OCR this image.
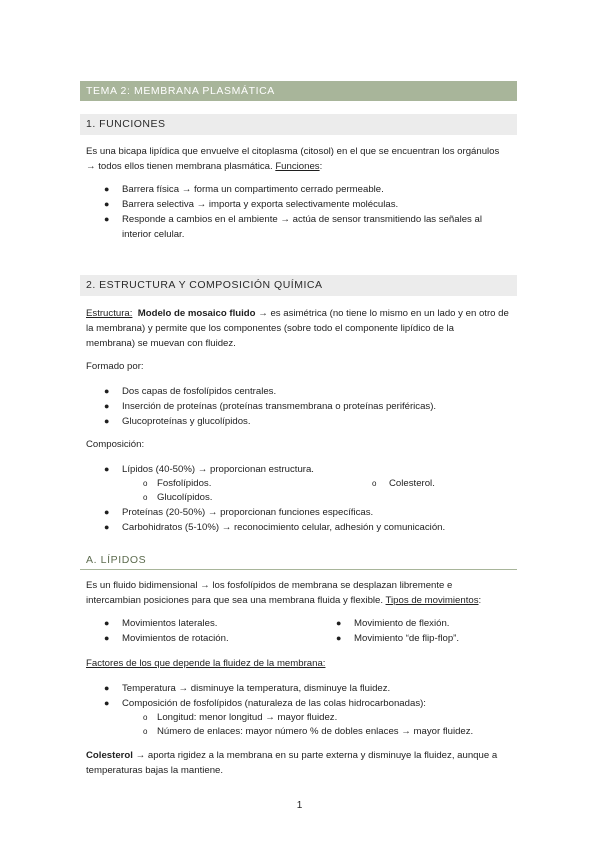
TEMA 2: MEMBRANA PLASMÁTICA
1. FUNCIONES
Es una bicapa lipídica que envuelve el citoplasma (citosol) en el que se encuentran los orgánulos
→ todos ellos tienen membrana plasmática. Funciones:
● Barrera física → forma un compartimento cerrado permeable.
● Barrera selectiva → importa y exporta selectivamente moléculas.
● Responde a cambios en el ambiente → actúa de sensor transmitiendo las señales al
interior celular.
2. ESTRUCTURA Y COMPOSICIÓN QUÍMICA
Estructura: Modelo de mosaico fluido → es asimétrica (no tiene lo mismo en un lado y en otro de
la membrana) y permite que los componentes (sobre todo el componente lipídico de la
membrana) se muevan con fluidez.
Formado por:
● Dos capas de fosfolípidos centrales.
● Inserción de proteínas (proteínas transmembrana o proteínas periféricas).
● Glucoproteínas y glucolípidos.
Composición:
● Lípidos (40-50%) → proporcionan estructura.
o Fosfolípidos.
o Glucolípidos.
o Colesterol.
● Proteínas (20-50%) → proporcionan funciones específicas.
● Carbohidratos (5-10%) → reconocimiento celular, adhesión y comunicación.
A. LÍPIDOS
Es un fluido bidimensional → los fosfolípidos de membrana se desplazan libremente e
intercambian posiciones para que sea una membrana fluida y flexible. Tipos de movimientos:
● Movimientos laterales.
● Movimientos de rotación.
● Movimiento de flexión.
● Movimiento “de flip-flop”.
Factores de los que depende la fluidez de la membrana:
● Temperatura → disminuye la temperatura, disminuye la fluidez.
● Composición de fosfolípidos (naturaleza de las colas hidrocarbonadas):
o Longitud: menor longitud → mayor fluidez.
o Número de enlaces: mayor número % de dobles enlaces → mayor fluidez.
Colesterol → aporta rigidez a la membrana en su parte externa y disminuye la fluidez, aunque a
temperaturas bajas la mantiene.
1
